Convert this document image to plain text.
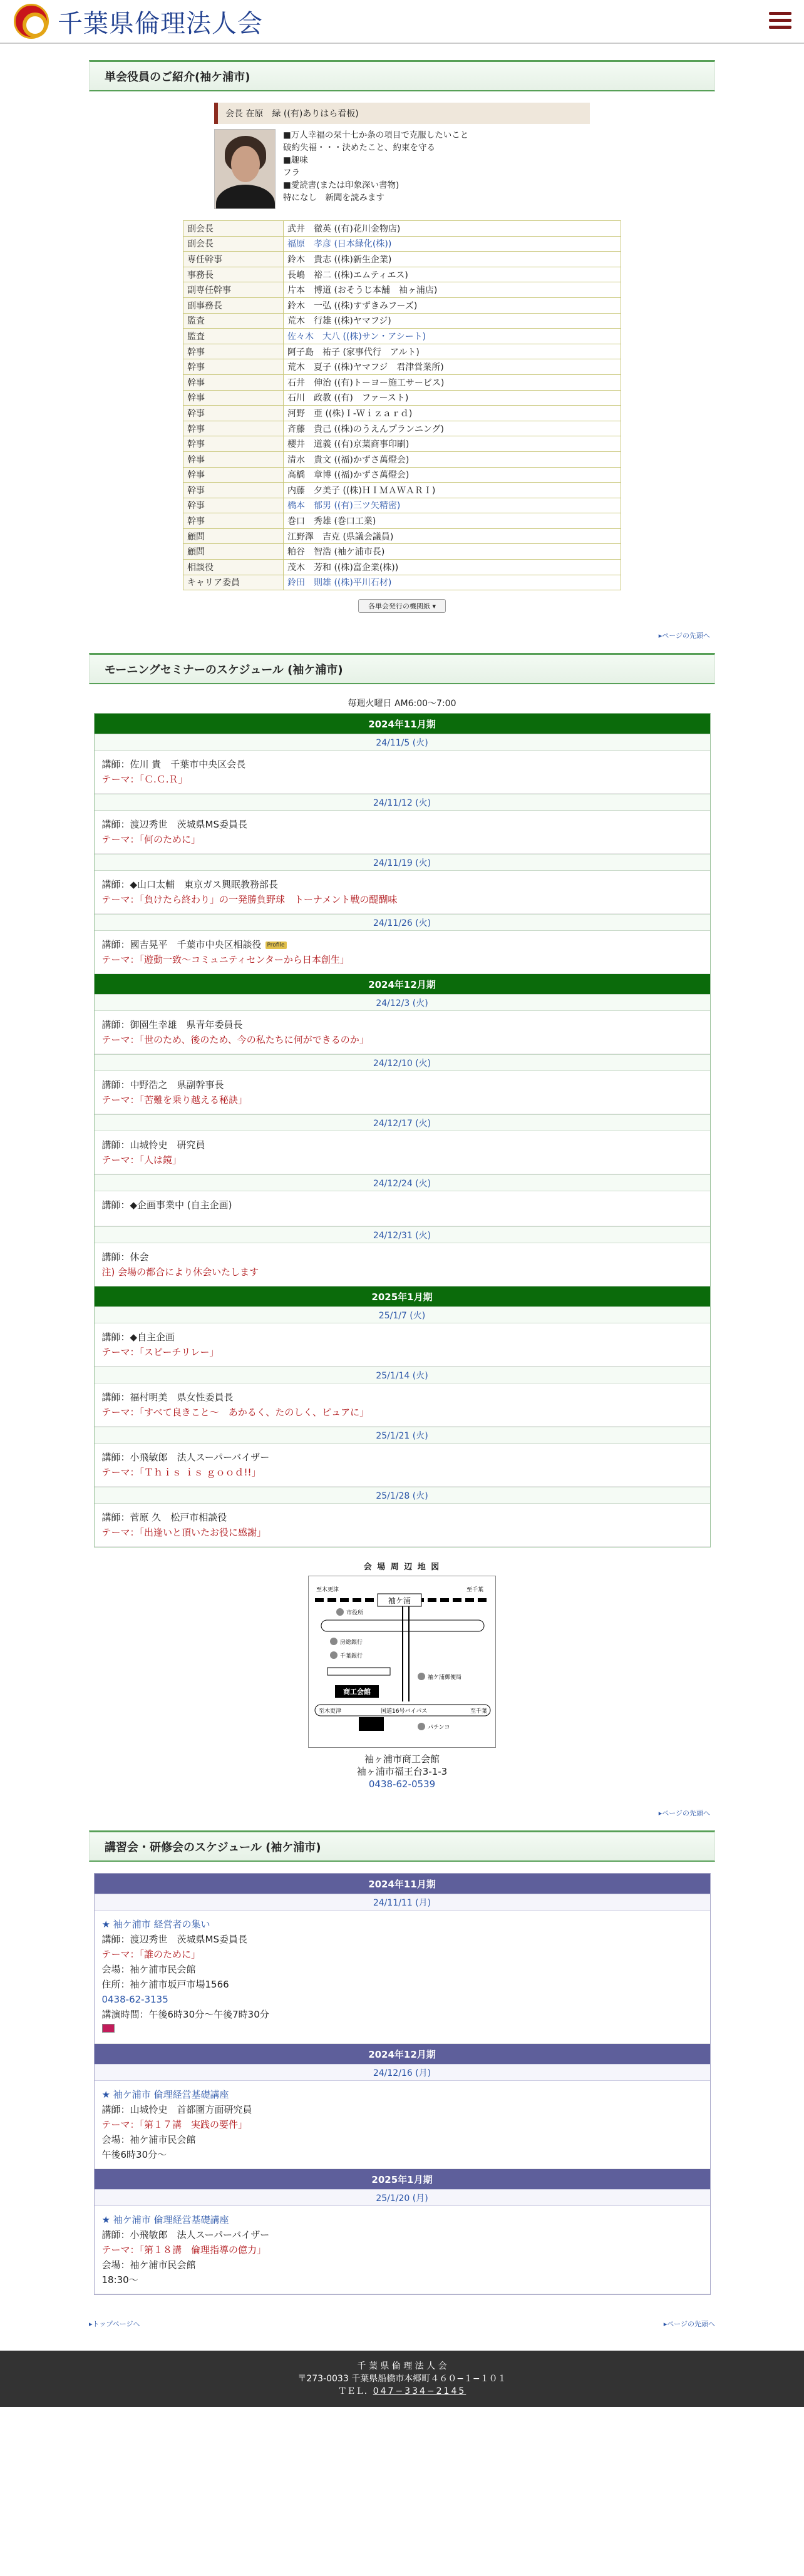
千葉県倫理法人会
単会役員のご紹介(袖ケ浦市)
会長 在原　緑 ((有)ありはら看板)
■万人幸福の栞十七か条の項目で克服したいこと
破約失福・・・決めたこと、約束を守る
■趣味
フラ
■愛読書(または印象深い書物)
特になし　新聞を読みます
副会長	武井　徹英 ((有)花川金物店)
副会長	福原　孝彦 (日本緑化(株))
専任幹事	鈴木　貴志 ((株)新生企業)
事務長	長嶋　裕二 ((株)エムティエス)
副専任幹事	片本　博道 (おそうじ本舗　袖ヶ浦店)
副事務長	鈴木　一弘 ((株)すずきみフーズ)
監査	荒木　行雄 ((株)ヤマフジ)
監査	佐々木　大八 ((株)サン・アシート)
幹事	阿子島　祐子 (家事代行　アルト)
幹事	荒木　夏子 ((株)ヤマフジ　君津営業所)
幹事	石井　伸治 ((有)トーヨー施工サービス)
幹事	石川　政教 ((有)　ファースト)
幹事	河野　亜 ((株)Ｉ-Ｗｉｚａｒｄ)
幹事	斉藤　貴己 ((株)のうえんプランニング)
幹事	櫻井　道義 ((有)京葉商事印刷)
幹事	清水　貴文 ((福)かずさ萬燈会)
幹事	高橋　章博 ((福)かずさ萬燈会)
幹事	内藤　夕美子 ((株)ＨＩＭＡＷＡＲＩ)
幹事	橋本　郁男 ((有)三ツ矢精密)
幹事	巻口　秀雄 (巻口工業)
顧問	江野澤　吉克 (県議会議員)
顧問	粕谷　智浩 (袖ケ浦市長)
相談役	茂木　芳和 ((株)富企業(株))
キャリア委員	鈴田　則雄 ((株)平川石材)
各単会発行の機関紙 ▾
▸ページの先頭へ
モーニングセミナーのスケジュール (袖ケ浦市)
毎週火曜日 AM6:00〜7:00
2024年11月期
24/11/5 (火)
講師：佐川 貴　千葉市中央区会長
テーマ：「Ｃ.Ｃ.Ｒ」
24/11/12 (火)
講師：渡辺秀世　茨城県MS委員長
テーマ：「何のために」
24/11/19 (火)
講師：◆山口太輔　東京ガス興眠教務部長
テーマ：「負けたら終わり」の一発勝負野球　トーナメント戦の醍醐味
24/11/26 (火)
講師：國吉晃平　千葉市中央区相談役 Profile
テーマ：「遊動一致〜コミュニティセンターから日本創生」
2024年12月期
24/12/3 (火)
講師：御園生幸雄　県青年委員長
テーマ：「世のため、後のため、今の私たちに何ができるのか」
24/12/10 (火)
講師：中野浩之　県副幹事長
テーマ：「苦難を乗り越える秘訣」
24/12/17 (火)
講師：山城怜史　研究員
テーマ：「人は鏡」
24/12/24 (火)
講師：◆企画事業中 (自主企画)
24/12/31 (火)
講師：休会
注) 会場の都合により休会いたします
2025年1月期
25/1/7 (火)
講師：◆自主企画
テーマ：「スピーチリレー」
25/1/14 (火)
講師：福村明美　県女性委員長
テーマ：「すべて良きこと〜　あかるく、たのしく、ピュアに」
25/1/21 (火)
講師：小飛敏郎　法人スーパーバイザー
テーマ：「Ｔｈｉｓ ｉｓ ｇｏｏｄ!!」
25/1/28 (火)
講師：菅原 久　松戸市相談役
テーマ：「出逢いと頂いたお役に感謝」
会 場 周 辺 地 図
袖ケ浦
至木更津	至千葉
市役所
房総銀行
千葉銀行
袖ケ浦郵便局
商工会館
至木更津	国道16号バイパス	至千葉
パチンコ
袖ヶ浦市商工会館
袖ヶ浦市福王台3-1-3
0438-62-0539
▸ページの先頭へ
講習会・研修会のスケジュール (袖ケ浦市)
2024年11月期
24/11/11 (月)
★ 袖ケ浦市 経営者の集い
講師：渡辺秀世　茨城県MS委員長
テーマ：「誰のために」
会場：袖ケ浦市民会館
住所：袖ケ浦市坂戸市場1566
0438-62-3135
講演時間：午後6時30分〜午後7時30分
2024年12月期
24/12/16 (月)
★ 袖ケ浦市 倫理経営基礎講座
講師：山城怜史　首都圏方面研究員
テーマ：「第１７講　実践の要件」
会場：袖ケ浦市民会館
午後6時30分〜
2025年1月期
25/1/20 (月)
★ 袖ケ浦市 倫理経営基礎講座
講師：小飛敏郎　法人スーパーバイザー
テーマ：「第１８講　倫理指導の億力」
会場：袖ケ浦市民会館
18:30〜
▸トップページへ	▸ページの先頭へ
千 葉 県 倫 理 法 人 会
〒273-0033 千葉県船橋市本郷町４６０−１−１０１
ＴＥＬ．047−334−2145
